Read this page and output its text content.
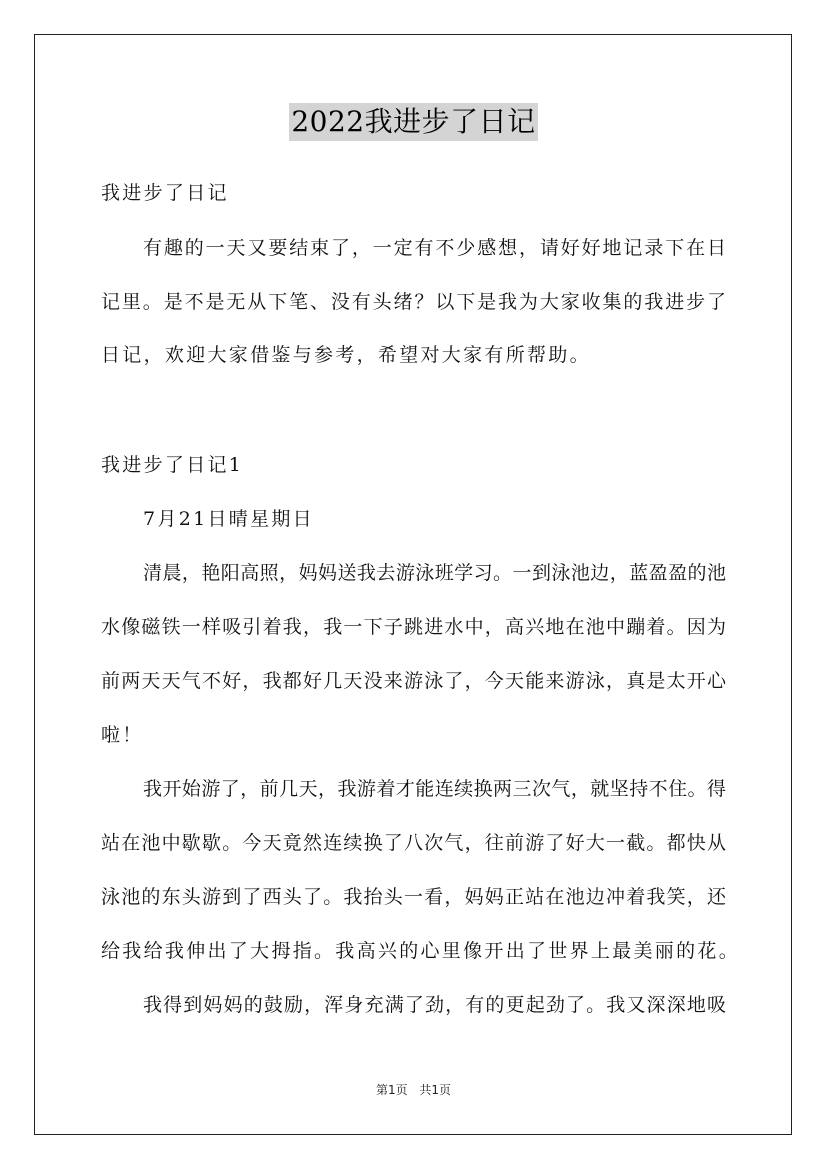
2022我进步了日记
我进步了日记
有趣的一天又要结束了，一定有不少感想，请好好地记录下在日
记里。是不是无从下笔、没有头绪？以下是我为大家收集的我进步了
日记，欢迎大家借鉴与参考，希望对大家有所帮助。
我进步了日记1
7月21日晴星期日
清晨，艳阳高照，妈妈送我去游泳班学习。一到泳池边，蓝盈盈的池
水像磁铁一样吸引着我，我一下子跳进水中，高兴地在池中蹦着。因为
前两天天气不好，我都好几天没来游泳了，今天能来游泳，真是太开心
啦！
我开始游了，前几天，我游着才能连续换两三次气，就坚持不住。得
站在池中歇歇。今天竟然连续换了八次气，往前游了好大一截。都快从
泳池的东头游到了西头了。我抬头一看，妈妈正站在池边冲着我笑，还
给我给我伸出了大拇指。我高兴的心里像开出了世界上最美丽的花。
我得到妈妈的鼓励，浑身充满了劲，有的更起劲了。我又深深地吸
第1页 共1页
